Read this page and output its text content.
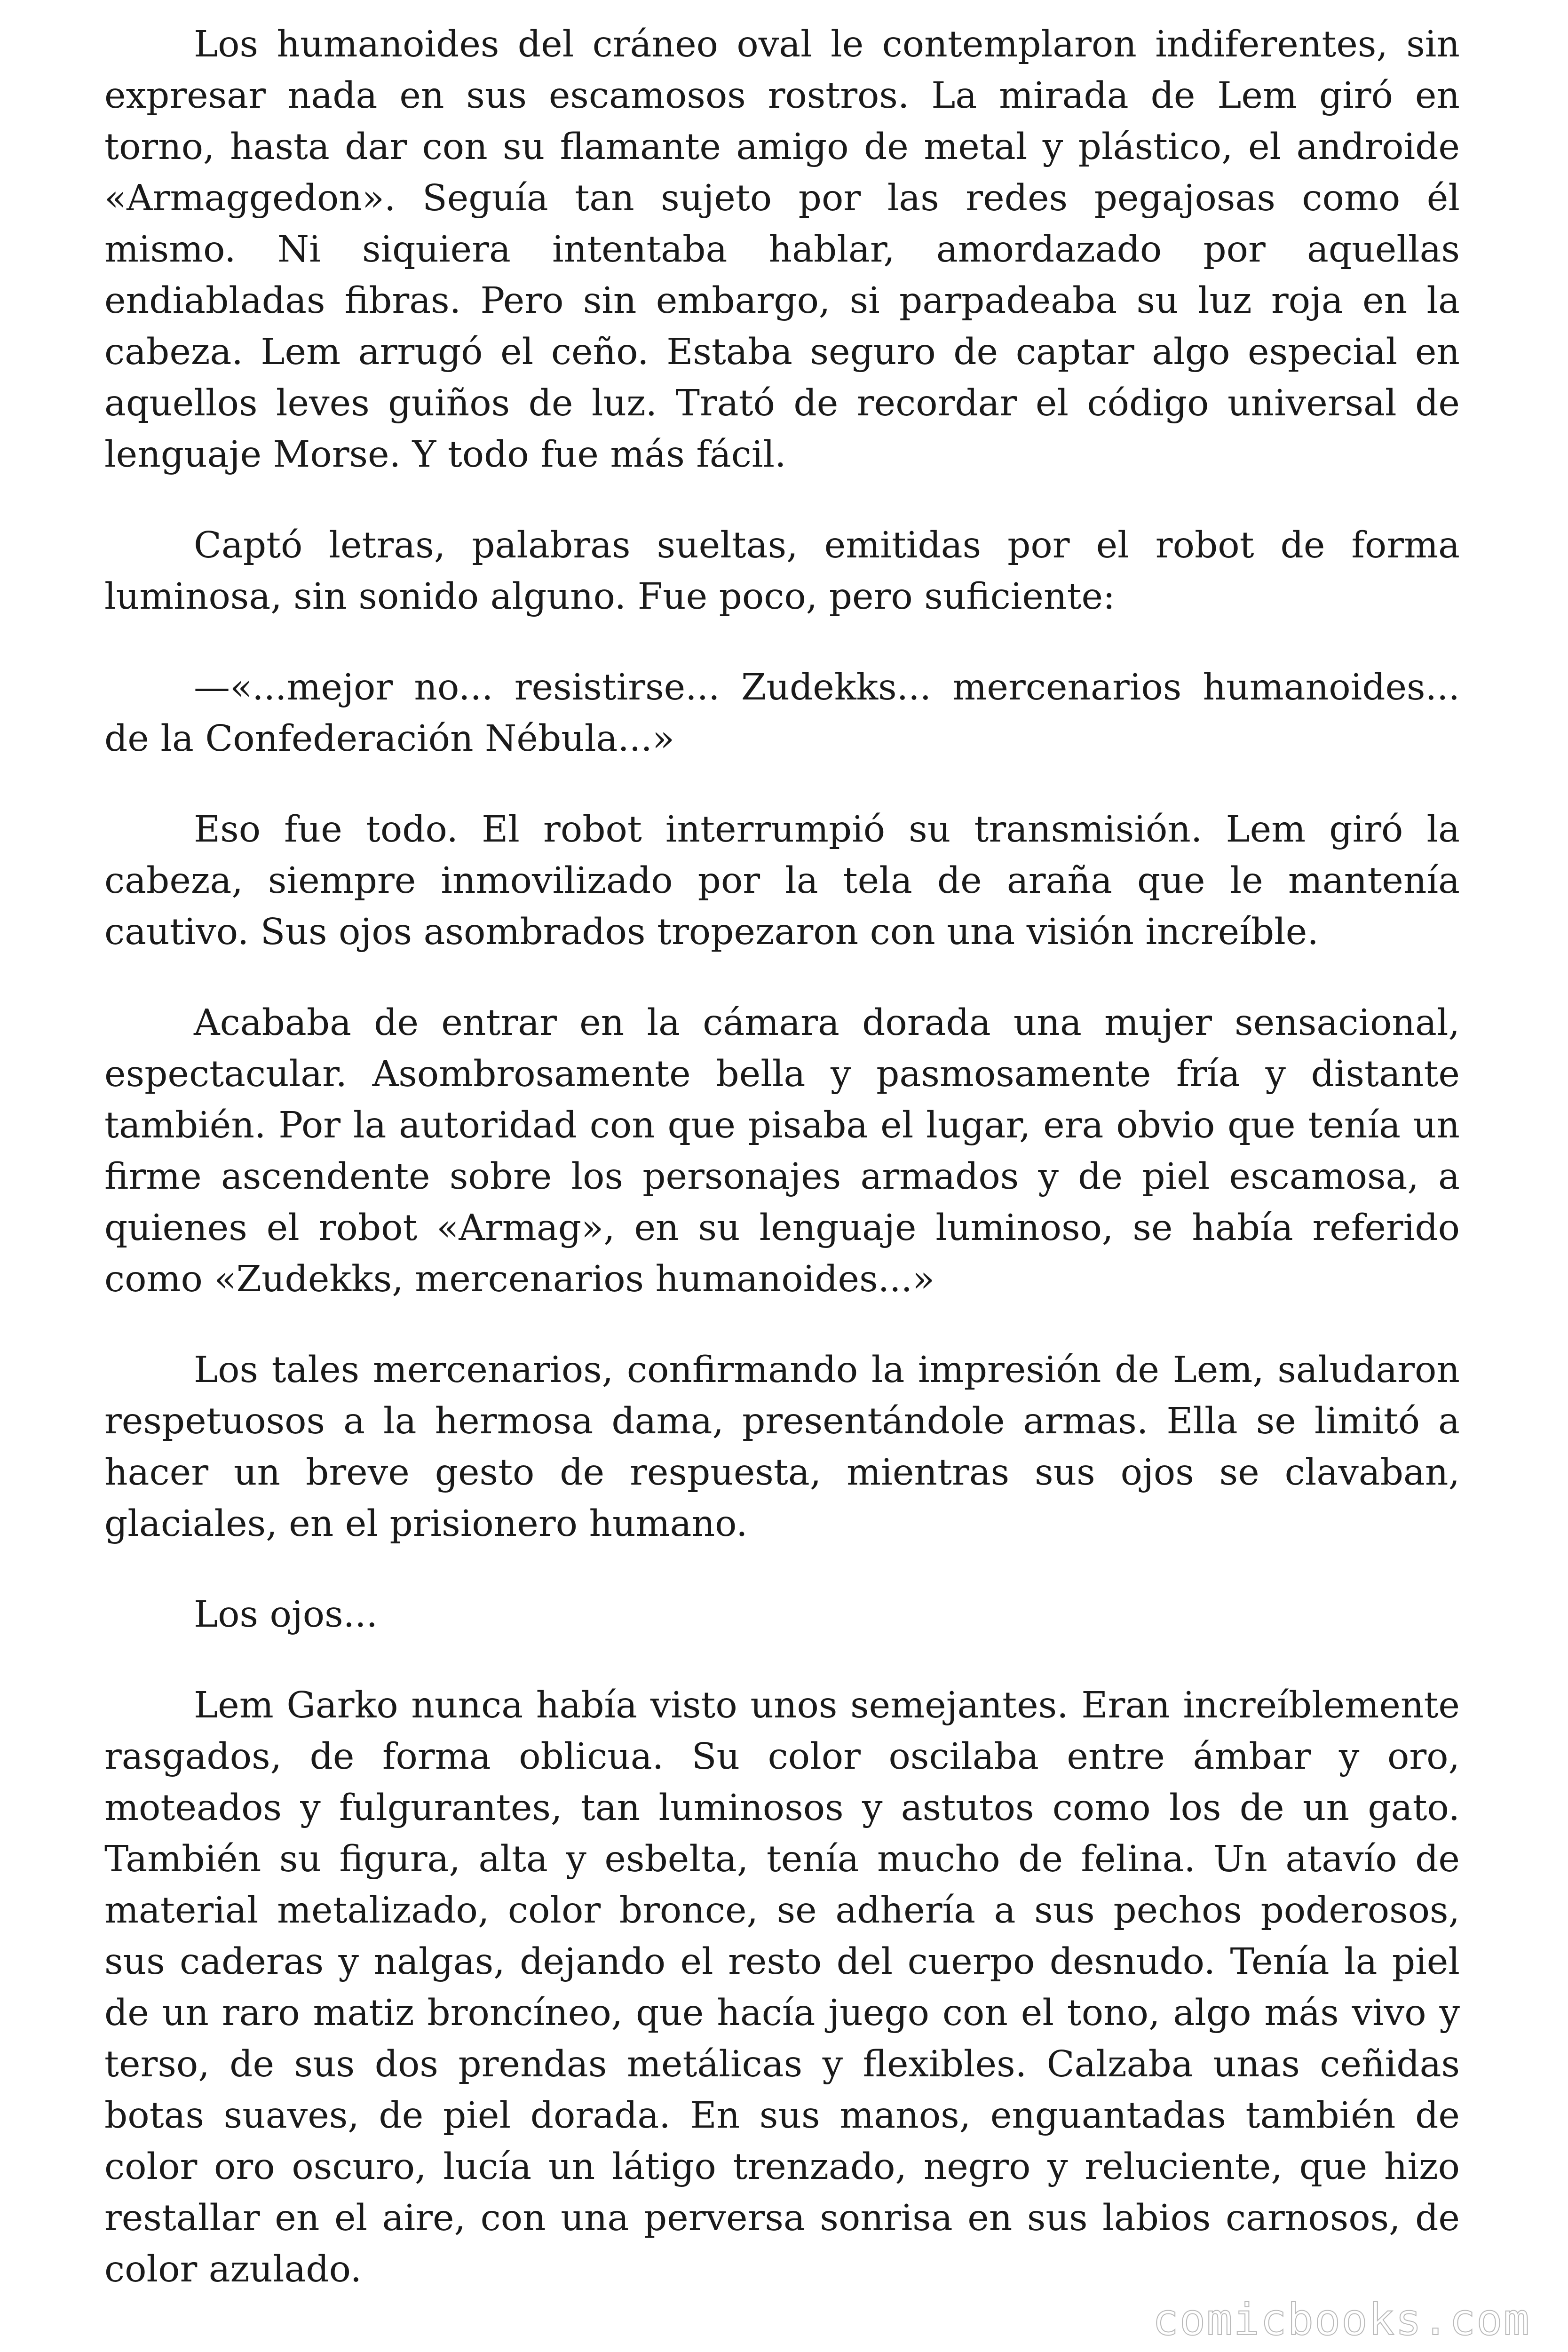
Los humanoides del cráneo oval le contemplaron indiferentes, sin expresar nada en sus escamosos rostros. La mirada de Lem giró en torno, hasta dar con su flamante amigo de metal y plástico, el androide «Armaggedon». Seguía tan sujeto por las redes pegajosas como él mismo. Ni siquiera intentaba hablar, amordazado por aquellas endiabladas fibras. Pero sin embargo, si parpadeaba su luz roja en la cabeza. Lem arrugó el ceño. Estaba seguro de captar algo especial en aquellos leves guiños de luz. Trató de recordar el código universal de lenguaje Morse. Y todo fue más fácil.

Captó letras, palabras sueltas, emitidas por el robot de forma luminosa, sin sonido alguno. Fue poco, pero suficiente:

—«...mejor no... resistirse... Zudekks... mercenarios humanoides... de la Confederación Nébula...»

Eso fue todo. El robot interrumpió su transmisión. Lem giró la cabeza, siempre inmovilizado por la tela de araña que le mantenía cautivo. Sus ojos asombrados tropezaron con una visión increíble.

Acababa de entrar en la cámara dorada una mujer sensacional, espectacular. Asombrosamente bella y pasmosamente fría y distante también. Por la autoridad con que pisaba el lugar, era obvio que tenía un firme ascendente sobre los personajes armados y de piel escamosa, a quienes el robot «Armag», en su lenguaje luminoso, se había referido como «Zudekks, mercenarios humanoides...»

Los tales mercenarios, confirmando la impresión de Lem, saludaron respetuosos a la hermosa dama, presentándole armas. Ella se limitó a hacer un breve gesto de respuesta, mientras sus ojos se clavaban, glaciales, en el prisionero humano.

Los ojos...

Lem Garko nunca había visto unos semejantes. Eran increíblemente rasgados, de forma oblicua. Su color oscilaba entre ámbar y oro, moteados y fulgurantes, tan luminosos y astutos como los de un gato. También su figura, alta y esbelta, tenía mucho de felina. Un atavío de material metalizado, color bronce, se adhería a sus pechos poderosos, sus caderas y nalgas, dejando el resto del cuerpo desnudo. Tenía la piel de un raro matiz broncíneo, que hacía juego con el tono, algo más vivo y terso, de sus dos prendas metálicas y flexibles. Calzaba unas ceñidas botas suaves, de piel dorada. En sus manos, enguantadas también de color oro oscuro, lucía un látigo trenzado, negro y reluciente, que hizo restallar en el aire, con una perversa sonrisa en sus labios carnosos, de color azulado.

comicbooks.com
